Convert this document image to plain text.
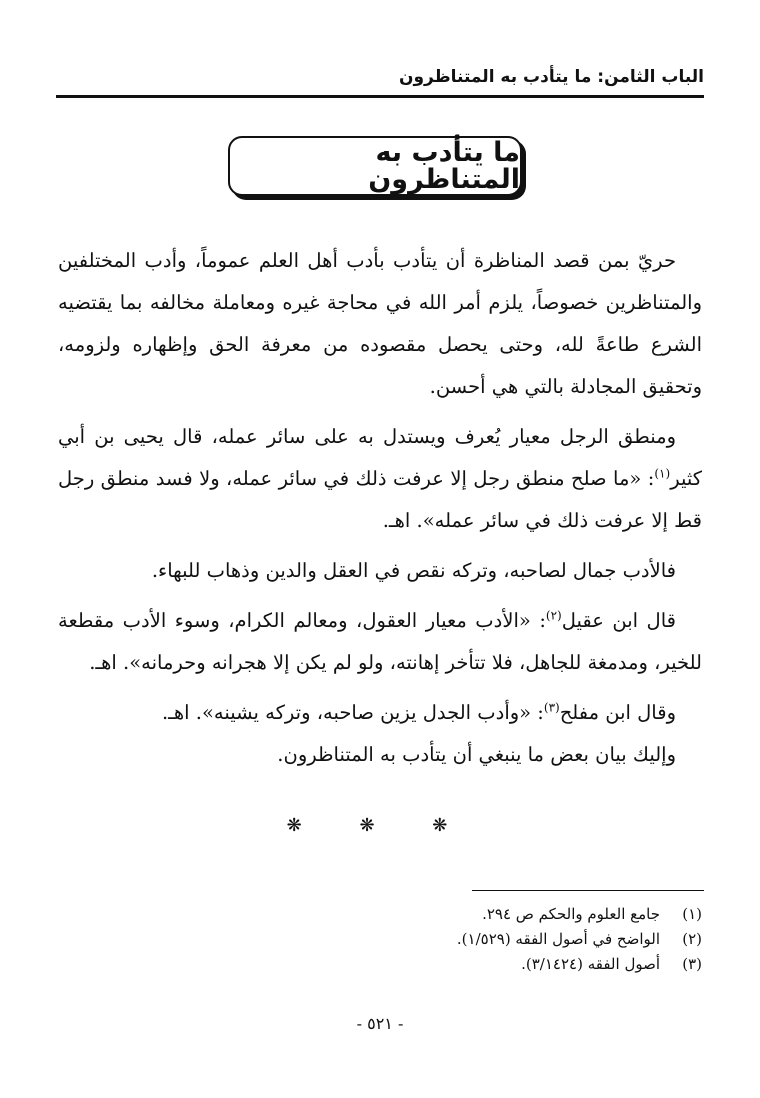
الباب الثامن: ما يتأدب به المتناظرون
ما يتأدب به المتناظرون

حريّ بمن قصد المناظرة أن يتأدب بأدب أهل العلم عموماً، وأدب المختلفين والمتناظرين خصوصاً، يلزم أمر الله في محاجة غيره ومعاملة مخالفه بما يقتضيه الشرع طاعةً لله، وحتى يحصل مقصوده من معرفة الحق وإظهاره ولزومه، وتحقيق المجادلة بالتي هي أحسن.

ومنطق الرجل معيار يُعرف ويستدل به على سائر عمله، قال يحيى بن أبي كثير$^{(١)}$: «ما صلح منطق رجل إلا عرفت ذلك في سائر عمله، ولا فسد منطق رجل قط إلا عرفت ذلك في سائر عمله». اهـ.

فالأدب جمال لصاحبه، وتركه نقص في العقل والدين وذهاب للبهاء.

قال ابن عقيل$^{(٢)}$: «الأدب معيار العقول، ومعالم الكرام، وسوء الأدب مقطعة للخير، ومدمغة للجاهل، فلا تتأخر إهانته، ولو لم يكن إلا هجرانه وحرمانه». اهـ.

وقال ابن مفلح$^{(٣)}$: «وأدب الجدل يزين صاحبه، وتركه يشينه». اهـ.

وإليك بيان بعض ما ينبغي أن يتأدب به المتناظرون.

❋ ❋ ❋
(١)
جامع العلوم والحكم ص ٢٩٤.
(٢)
الواضح في أصول الفقه (١/٥٢٩).
(٣)
أصول الفقه (٣/١٤٢٤).
- ٥٢١ -
